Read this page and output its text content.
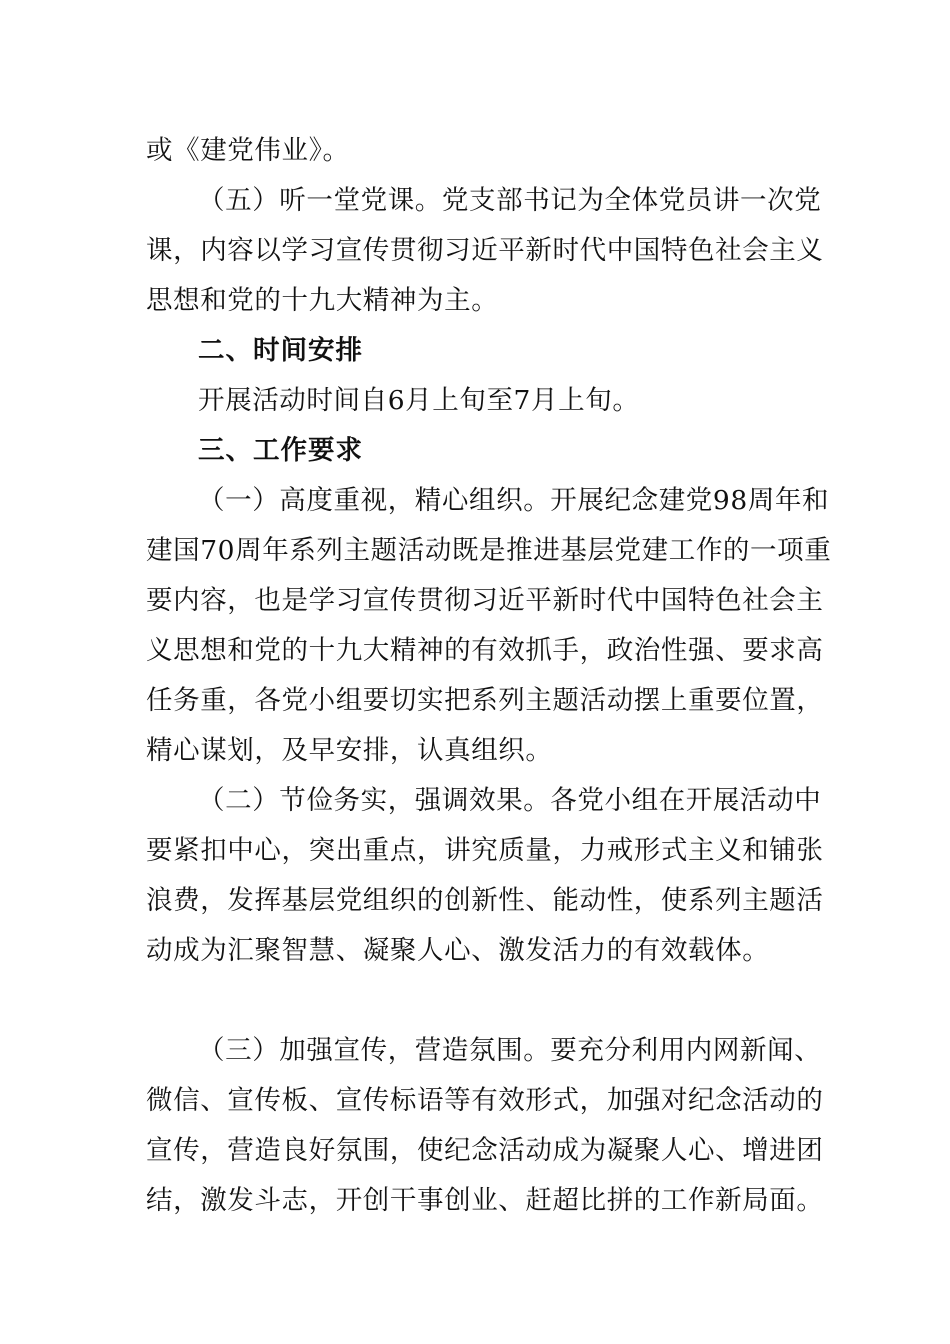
或《建党伟业》。
（五）听一堂党课。党支部书记为全体党员讲一次党
课，内容以学习宣传贯彻习近平新时代中国特色社会主义
思想和党的十九大精神为主。
二、时间安排
开展活动时间自6月上旬至7月上旬。
三、工作要求
（一）高度重视，精心组织。开展纪念建党98周年和
建国70周年系列主题活动既是推进基层党建工作的一项重
要内容，也是学习宣传贯彻习近平新时代中国特色社会主
义思想和党的十九大精神的有效抓手，政治性强、要求高
任务重，各党小组要切实把系列主题活动摆上重要位置，
精心谋划，及早安排，认真组织。
（二）节俭务实，强调效果。各党小组在开展活动中
要紧扣中心，突出重点，讲究质量，力戒形式主义和铺张
浪费，发挥基层党组织的创新性、能动性，使系列主题活
动成为汇聚智慧、凝聚人心、激发活力的有效载体。
（三）加强宣传，营造氛围。要充分利用内网新闻、
微信、宣传板、宣传标语等有效形式，加强对纪念活动的
宣传，营造良好氛围，使纪念活动成为凝聚人心、增进团
结，激发斗志，开创干事创业、赶超比拼的工作新局面。
